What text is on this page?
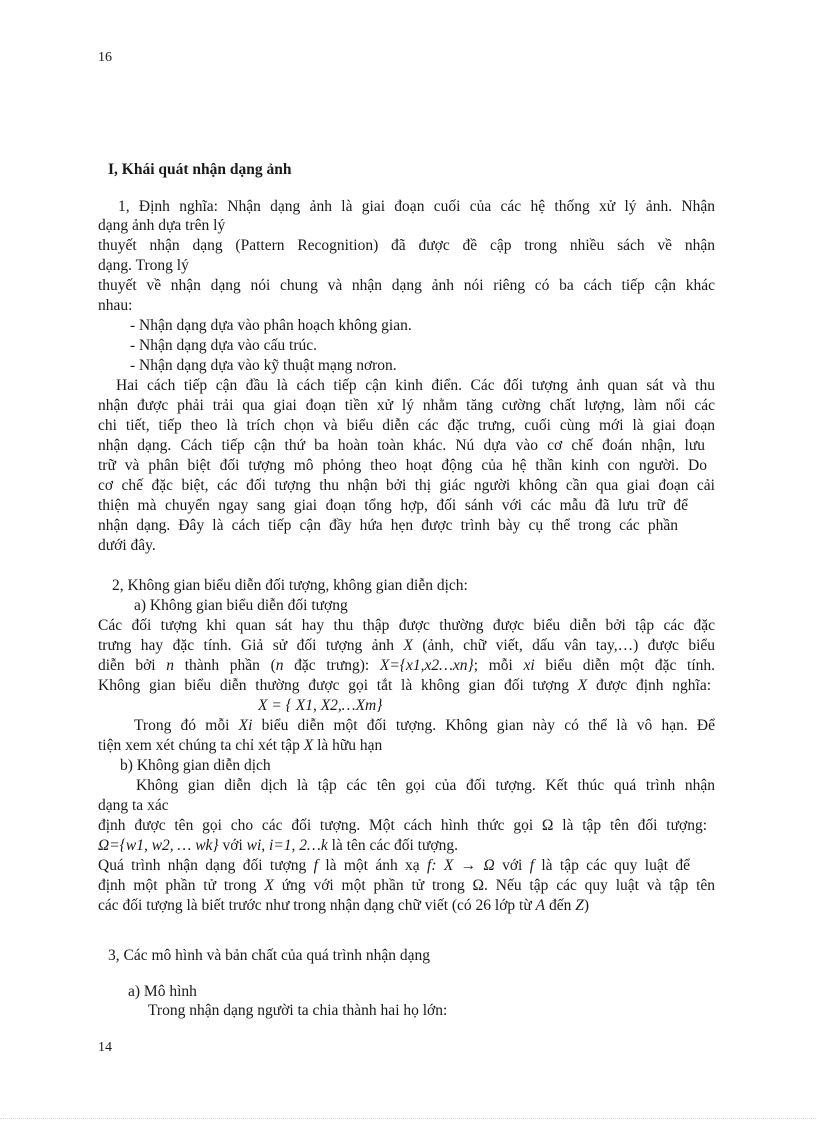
16
I, Khái quát nhận dạng ảnh
1, Định nghĩa: Nhận dạng ảnh là giai đoạn cuối của các hệ thống xử lý ảnh. Nhận
dạng ảnh dựa trên lý
thuyết nhận dạng (Pattern Recognition) đã được đề cập trong nhiều sách về nhận
dạng. Trong lý
thuyết về nhận dạng nói chung và nhận dạng ảnh nói riêng có ba cách tiếp cận khác
nhau:
- Nhận dạng dựa vào phân hoạch không gian.
- Nhận dạng dựa vào cấu trúc.
- Nhận dạng dựa vào kỹ thuật mạng nơron.
Hai cách tiếp cận đầu là cách tiếp cận kinh điển. Các đối tượng ảnh quan sát và thu
nhận được phải trải qua giai đoạn tiền xử lý nhằm tăng cường chất lượng, làm nổi các
chi tiết, tiếp theo là trích chọn và biểu diễn các đặc trưng, cuối cùng mới là giai đoạn
nhận dạng. Cách tiếp cận thứ ba hoàn toàn khác. Nú dựa vào cơ chế đoán nhận, lưu
trữ và phân biệt đối tượng mô phỏng theo hoạt động của hệ thần kinh con người. Do
cơ chế đặc biệt, các đối tượng thu nhận bởi thị giác người không cần qua giai đoạn cải
thiện mà chuyển ngay sang giai đoạn tổng hợp, đối sánh với các mẫu đã lưu trữ để
nhận dạng. Đây là cách tiếp cận đầy hứa hẹn được trình bày cụ thể trong các phần
dưới đây.
2, Không gian biểu diễn đối tượng, không gian diễn dịch:
a) Không gian biểu diễn đối tượng
Các đối tượng khi quan sát hay thu thập được thường được biểu diễn bởi tập các đặc
trưng hay đặc tính. Giả sử đối tượng ảnh X (ảnh, chữ viết, dấu vân tay,…) được biểu
diễn bởi n thành phần (n đặc trưng): X={x1,x2…xn}; mỗi xi biểu diễn một đặc tính.
Không gian biểu diễn thường được gọi tắt là không gian đối tượng X được định nghĩa:
X = { X1, X2,…Xm}
Trong đó mỗi Xi biểu diễn một đối tượng. Không gian này có thể là vô hạn. Để
tiện xem xét chúng ta chỉ xét tập X là hữu hạn
b) Không gian diễn dịch
Không gian diễn dịch là tập các tên gọi của đối tượng. Kết thúc quá trình nhận
dạng ta xác
định được tên gọi cho các đối tượng. Một cách hình thức gọi Ω là tập tên đối tượng:
Ω={w1, w2, … wk} với wi, i=1, 2…k là tên các đối tượng.
Quá trình nhận dạng đối tượng f là một ánh xạ f: X → Ω với f là tập các quy luật để
định một phần tử trong X ứng với một phần tử trong Ω. Nếu tập các quy luật và tập tên
các đối tượng là biết trước như trong nhận dạng chữ viết (có 26 lớp từ A đến Z)
3, Các mô hình và bản chất của quá trình nhận dạng
a) Mô hình
Trong nhận dạng người ta chia thành hai họ lớn:
14
